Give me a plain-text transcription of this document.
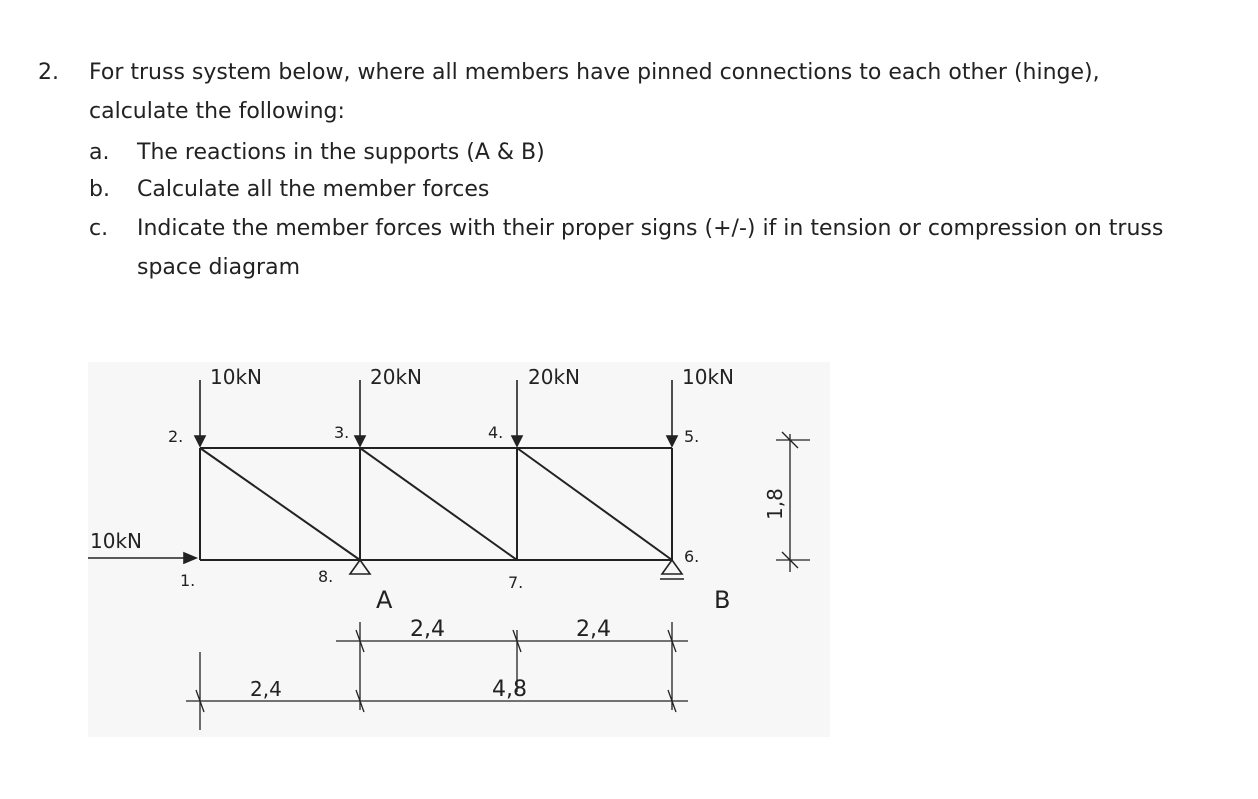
2. For truss system below, where all members have pinned connections to each other (hinge),
calculate the following:
a. The reactions in the supports (A & B)
b. Calculate all the member forces
c. Indicate the member forces with their proper signs (+/-) if in tension or compression on truss
space diagram
10kN	20kN	20kN	10kN
10kN
2.	3.	4.	5.
6.
7.
8.
1.
A	B
2,4	2,4
4,8
2,4
1,8
